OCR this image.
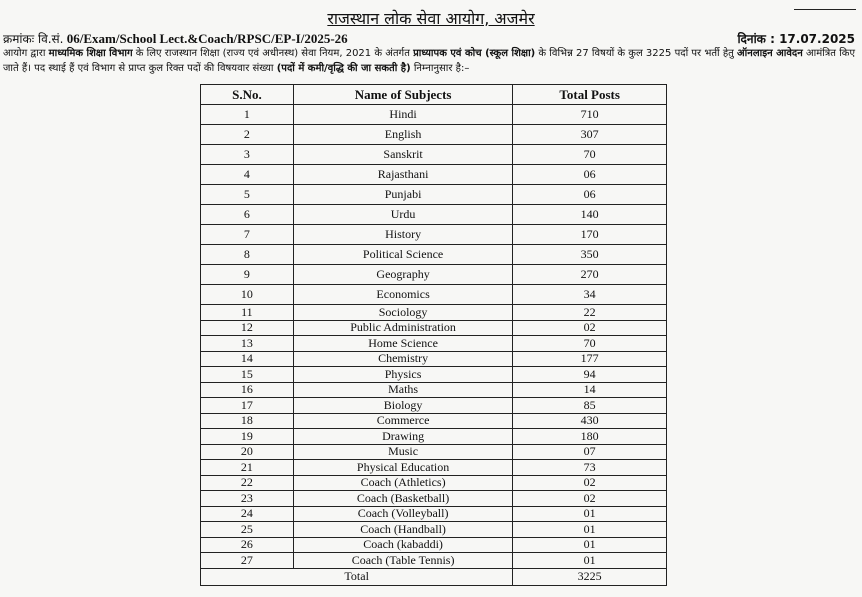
राजस्थान लोक सेवा आयोग, अजमेर
क्रमांकः वि.सं. 06/Exam/School Lect.&Coach/RPSC/EP-I/2025-26	दिनांक : 17.07.2025
आयोग द्वारा माध्यमिक शिक्षा विभाग के लिए राजस्थान शिक्षा (राज्य एवं अधीनस्थ) सेवा नियम, 2021 के अंतर्गत प्राध्यापक एवं कोच (स्कूल शिक्षा) के विभिन्न 27 विषयों के कुल 3225 पदों पर भर्ती हेतु ऑनलाइन आवेदन आमंत्रित किए जाते हैं। पद स्थाई हैं एवं विभाग से प्राप्त कुल रिक्त पदों की विषयवार संख्या (पदों में कमी/वृद्धि की जा सकती है) निम्नानुसार है:–
S.No.	Name of Subjects	Total Posts
1	Hindi	710
2	English	307
3	Sanskrit	70
4	Rajasthani	06
5	Punjabi	06
6	Urdu	140
7	History	170
8	Political Science	350
9	Geography	270
10	Economics	34
11	Sociology	22
12	Public Administration	02
13	Home Science	70
14	Chemistry	177
15	Physics	94
16	Maths	14
17	Biology	85
18	Commerce	430
19	Drawing	180
20	Music	07
21	Physical Education	73
22	Coach (Athletics)	02
23	Coach (Basketball)	02
24	Coach (Volleyball)	01
25	Coach (Handball)	01
26	Coach (kabaddi)	01
27	Coach (Table Tennis)	01
Total		3225
